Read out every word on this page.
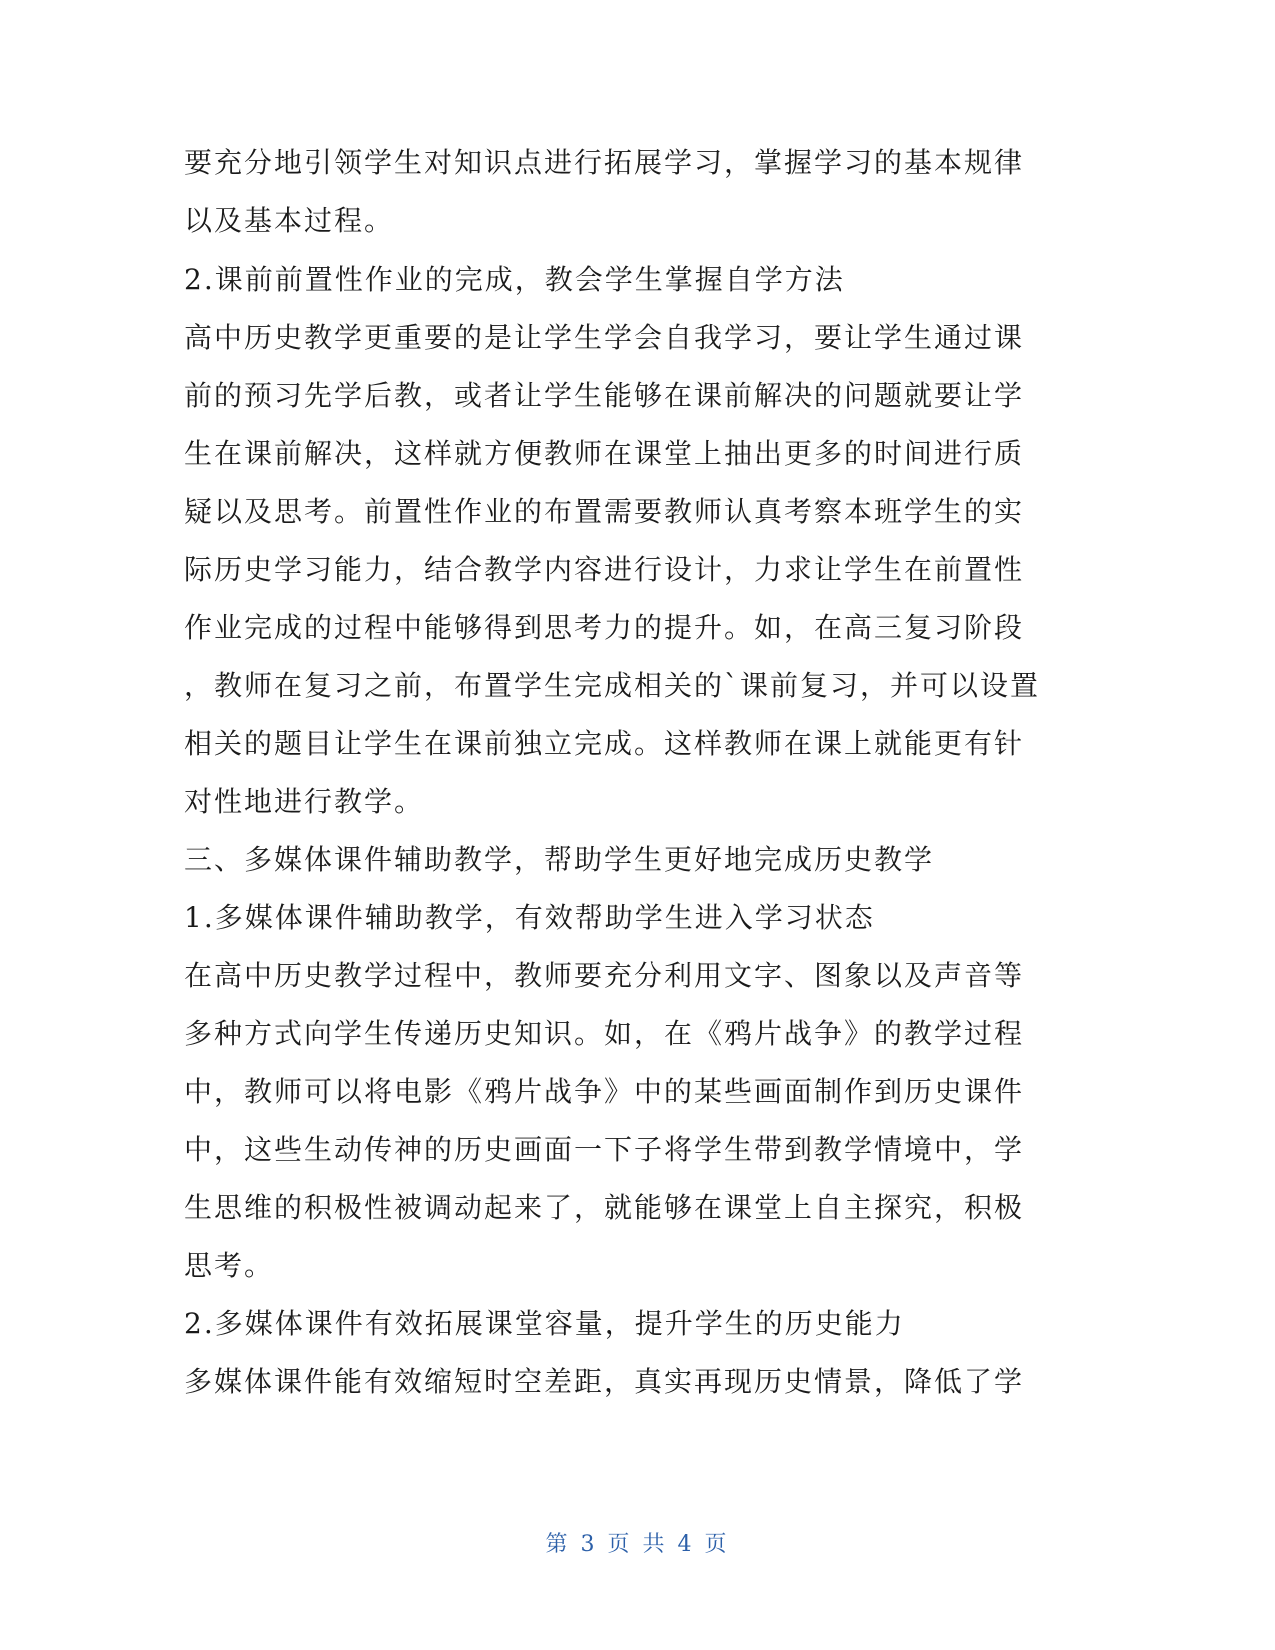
要充分地引领学生对知识点进行拓展学习，掌握学习的基本规律
以及基本过程。
2.课前前置性作业的完成，教会学生掌握自学方法
高中历史教学更重要的是让学生学会自我学习，要让学生通过课
前的预习先学后教，或者让学生能够在课前解决的问题就要让学
生在课前解决，这样就方便教师在课堂上抽出更多的时间进行质
疑以及思考。前置性作业的布置需要教师认真考察本班学生的实
际历史学习能力，结合教学内容进行设计，力求让学生在前置性
作业完成的过程中能够得到思考力的提升。如，在高三复习阶段
，教师在复习之前，布置学生完成相关的`课前复习，并可以设置
相关的题目让学生在课前独立完成。这样教师在课上就能更有针
对性地进行教学。
三、多媒体课件辅助教学，帮助学生更好地完成历史教学
1.多媒体课件辅助教学，有效帮助学生进入学习状态
在高中历史教学过程中，教师要充分利用文字、图象以及声音等
多种方式向学生传递历史知识。如，在《鸦片战争》的教学过程
中，教师可以将电影《鸦片战争》中的某些画面制作到历史课件
中，这些生动传神的历史画面一下子将学生带到教学情境中，学
生思维的积极性被调动起来了，就能够在课堂上自主探究，积极
思考。
2.多媒体课件有效拓展课堂容量，提升学生的历史能力
多媒体课件能有效缩短时空差距，真实再现历史情景，降低了学
第 3 页 共 4 页
